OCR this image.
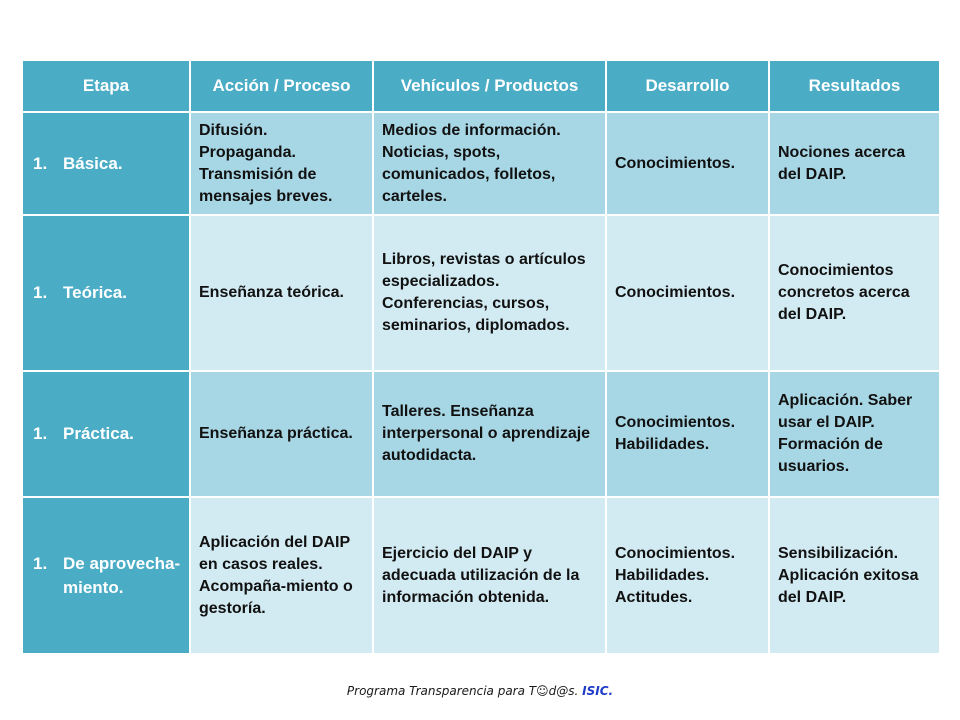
Etapa	Acción / Proceso	Vehículos / Productos	Desarrollo	Resultados

1. Básica.	Difusión. Propaganda. Transmisión de mensajes breves.	Medios de información. Noticias, spots, comunicados, folletos, carteles.	Conocimientos.	Nociones acerca del DAIP.

1. Teórica.	Enseñanza teórica.	Libros, revistas o artículos especializados. Conferencias, cursos, seminarios, diplomados.	Conocimientos.	Conocimientos concretos acerca del DAIP.

1. Práctica.	Enseñanza práctica.	Talleres. Enseñanza interpersonal o aprendizaje autodidacta.	Conocimientos. Habilidades.	Aplicación. Saber usar el DAIP. Formación de usuarios.

1. De aprovecha-miento.	Aplicación del DAIP en casos reales. Acompaña-miento o gestoría.	Ejercicio del DAIP y adecuada utilización de la información obtenida.	Conocimientos. Habilidades. Actitudes.	Sensibilización. Aplicación exitosa del DAIP.
Programa Transparencia para T☺d@s. ISIC.
